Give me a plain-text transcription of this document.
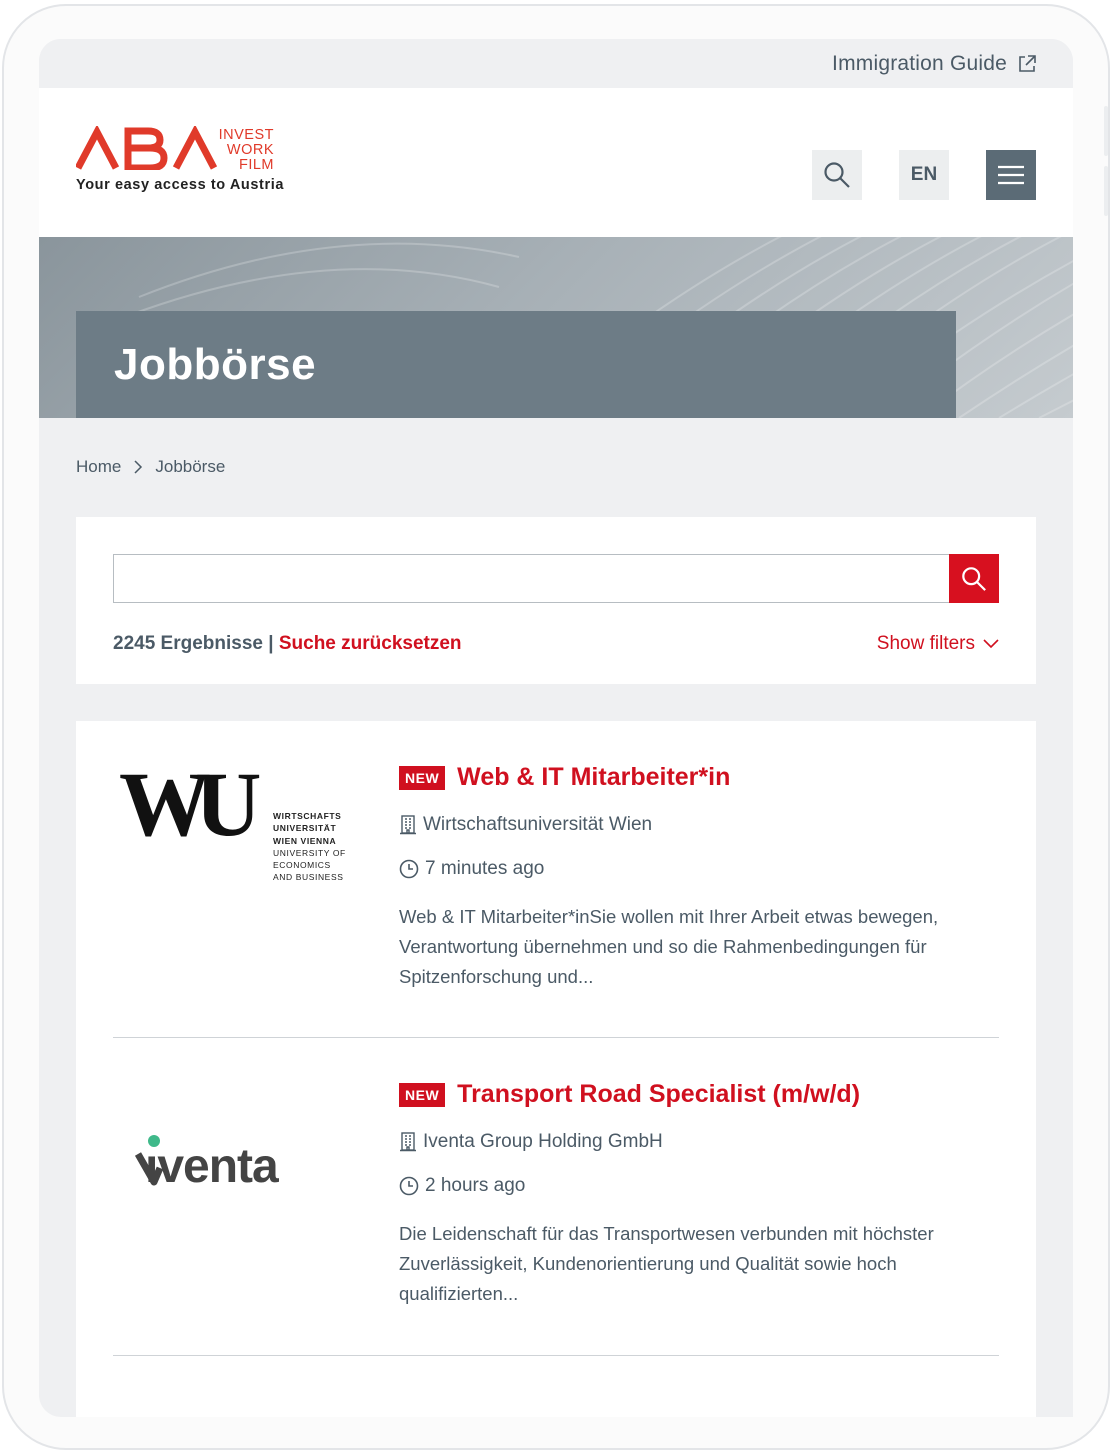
Immigration Guide
INVEST
WORK
FILM
Your easy access to Austria	EN
Jobbörse
Home Jobbörse
2245 Ergebnisse | Suche zurücksetzen	Show filters
WU	WIRTSCHAFTS
UNIVERSITÄT
WIEN VIENNA
UNIVERSITY OF
ECONOMICS
AND BUSINESS
NEW Web & IT Mitarbeiter*in
Wirtschaftsuniversität Wien
7 minutes ago
Web & IT Mitarbeiter*inSie wollen mit Ihrer Arbeit etwas bewegen, Verantwortung übernehmen und so die Rahmenbedingungen für Spitzenforschung und...
ıventa
NEW Transport Road Specialist (m/w/d)
Iventa Group Holding GmbH
2 hours ago
Die Leidenschaft für das Transportwesen verbunden mit höchster Zuverlässigkeit, Kundenorientierung und Qualität sowie hoch qualifizierten...
